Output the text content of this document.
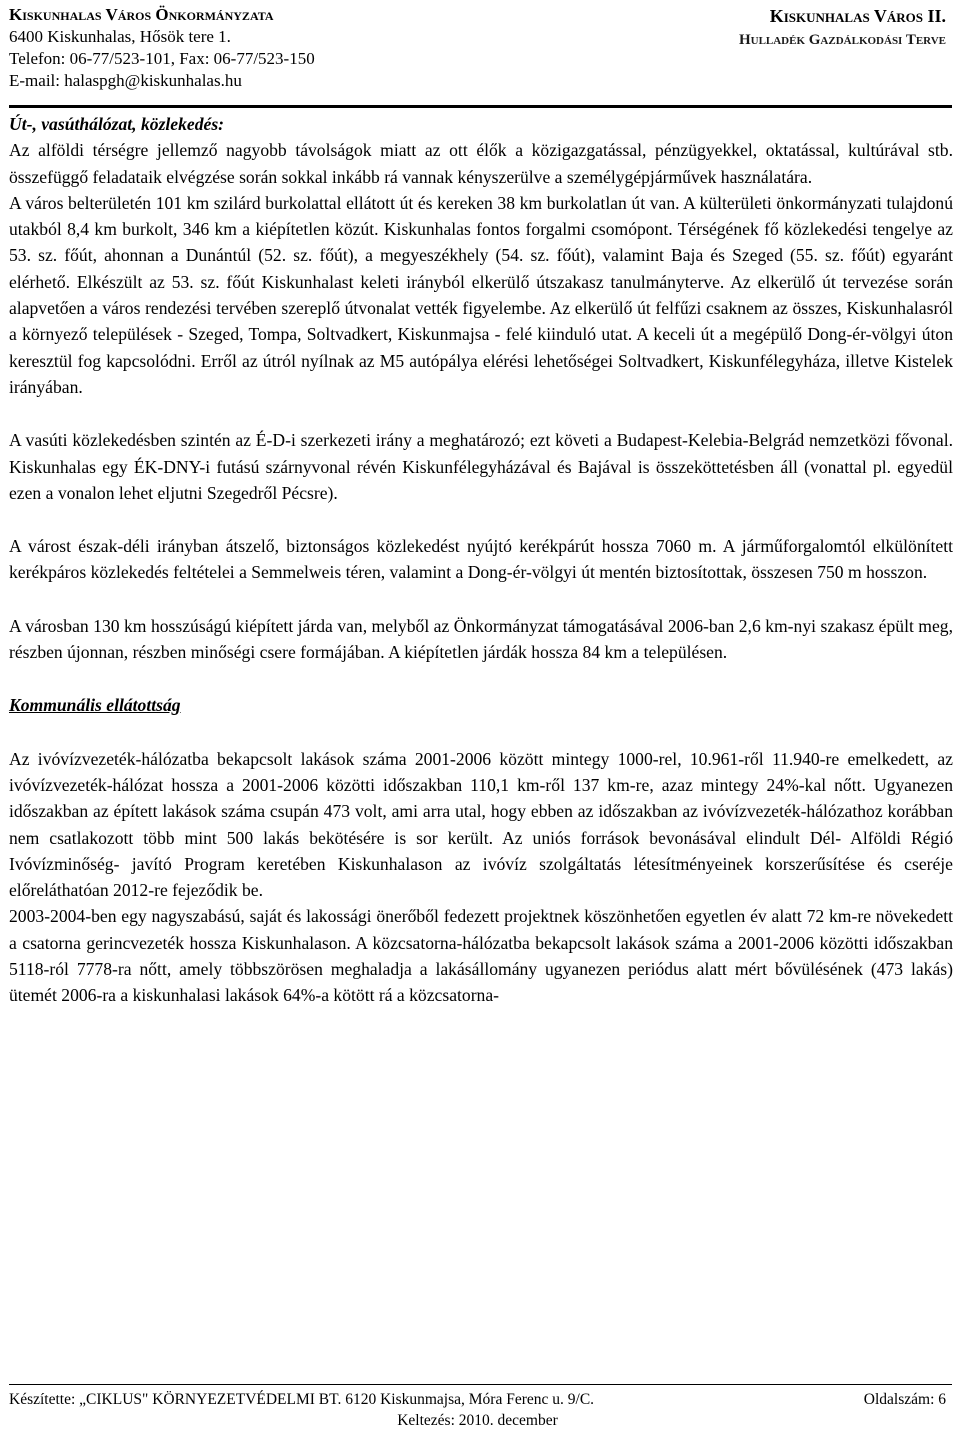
Kiskunhalas Város Önkormányzata
6400 Kiskunhalas, Hősök tere 1.
Telefon: 06-77/523-101, Fax: 06-77/523-150
E-mail: halaspgh@kiskunhalas.hu
Kiskunhalas Város II.
Hulladék Gazdálkodási Terve
Út-, vasúthálózat, közlekedés:

Az alföldi térségre jellemző nagyobb távolságok miatt az ott élők a közigazgatással, pénzügyekkel, oktatással, kultúrával stb. összefüggő feladataik elvégzése során sokkal inkább rá vannak kényszerülve a személygépjárművek használatára.

A város belterületén 101 km szilárd burkolattal ellátott út és kereken 38 km burkolatlan út van. A külterületi önkormányzati tulajdonú utakból 8,4 km burkolt, 346 km a kiépítetlen közút. Kiskunhalas fontos forgalmi csomópont. Térségének fő közlekedési tengelye az 53. sz. főút, ahonnan a Dunántúl (52. sz. főút), a megyeszékhely (54. sz. főút), valamint Baja és Szeged (55. sz. főút) egyaránt elérhető. Elkészült az 53. sz. főút Kiskunhalast keleti irányból elkerülő útszakasz tanulmányterve. Az elkerülő út tervezése során alapvetően a város rendezési tervében szereplő útvonalat vették figyelembe. Az elkerülő út felfűzi csaknem az összes, Kiskunhalasról a környező települések - Szeged, Tompa, Soltvadkert, Kiskunmajsa - felé kiinduló utat. A keceli út a megépülő Dong-ér-völgyi úton keresztül fog kapcsolódni. Erről az útról nyílnak az M5 autópálya elérési lehetőségei Soltvadkert, Kiskunfélegyháza, illetve Kistelek irányában.

A vasúti közlekedésben szintén az É-D-i szerkezeti irány a meghatározó; ezt követi a Budapest-Kelebia-Belgrád nemzetközi fővonal. Kiskunhalas egy ÉK-DNY-i futású szárnyvonal révén Kiskunfélegyházával és Bajával is összeköttetésben áll (vonattal pl. egyedül ezen a vonalon lehet eljutni Szegedről Pécsre).

A várost észak-déli irányban átszelő, biztonságos közlekedést nyújtó kerékpárút hossza 7060 m. A járműforgalomtól elkülönített kerékpáros közlekedés feltételei a Semmelweis téren, valamint a Dong-ér-völgyi út mentén biztosítottak, összesen 750 m hosszon.

A városban 130 km hosszúságú kiépített járda van, melyből az Önkormányzat támogatásával 2006-ban 2,6 km-nyi szakasz épült meg, részben újonnan, részben minőségi csere formájában. A kiépítetlen járdák hossza 84 km a településen.

Kommunális ellátottság

Az ivóvízvezeték-hálózatba bekapcsolt lakások száma 2001-2006 között mintegy 1000-rel, 10.961-ről 11.940-re emelkedett, az ivóvízvezeték-hálózat hossza a 2001-2006 közötti időszakban 110,1 km-ről 137 km-re, azaz mintegy 24%-kal nőtt. Ugyanezen időszakban az épített lakások száma csupán 473 volt, ami arra utal, hogy ebben az időszakban az ivóvízvezeték-hálózathoz korábban nem csatlakozott több mint 500 lakás bekötésére is sor került. Az uniós források bevonásával elindult Dél- Alföldi Régió Ivóvízminőség- javító Program keretében Kiskunhalason az ivóvíz szolgáltatás létesítményeinek korszerűsítése és cseréje előreláthatóan 2012-re fejeződik be.

2003-2004-ben egy nagyszabású, saját és lakossági önerőből fedezett projektnek köszönhetően egyetlen év alatt 72 km-re növekedett a csatorna gerincvezeték hossza Kiskunhalason. A közcsatorna-hálózatba bekapcsolt lakások száma a 2001-2006 közötti időszakban 5118-ról 7778-ra nőtt, amely többszörösen meghaladja a lakásállomány ugyanezen periódus alatt mért bővülésének (473 lakás) ütemét 2006-ra a kiskunhalasi lakások 64%-a kötött rá a közcsatorna-

Készítette: „CIKLUS" KÖRNYEZETVÉDELMI BT. 6120 Kiskunmajsa, Móra Ferenc u. 9/C.	Oldalszám: 6
Keltezés: 2010. december
